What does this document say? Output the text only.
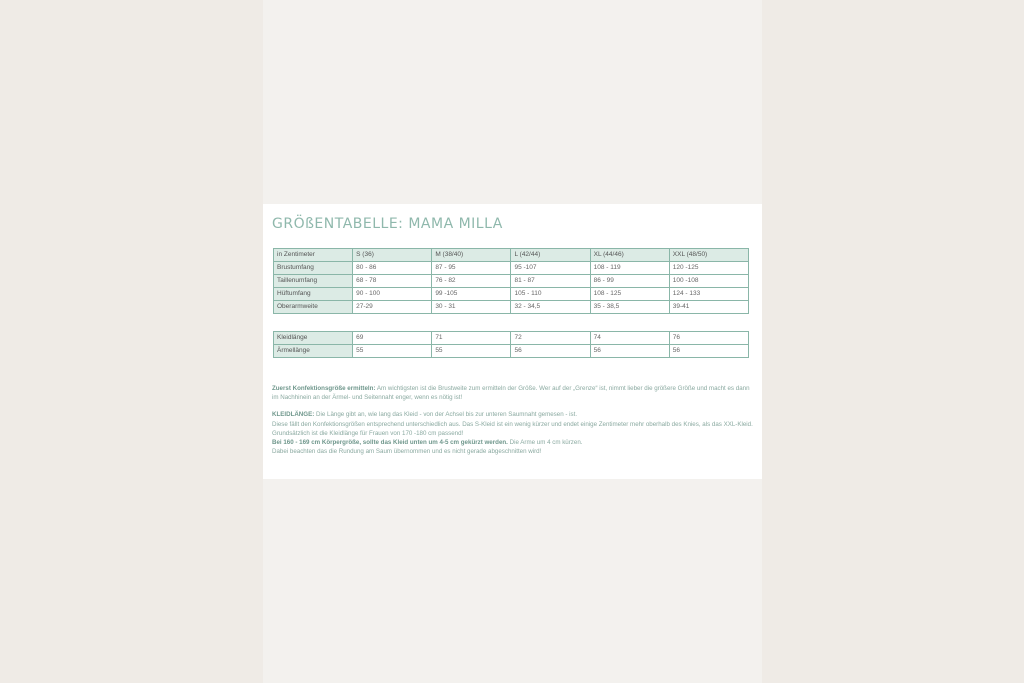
GRÖßENTABELLE: MAMA MILLA
in Zentimeter	S (36)	M (38/40)	L (42/44)	XL (44/46)	XXL (48/50)
Brustumfang	80 - 86	87 - 95	95 -107	108 - 119	120 -125
Taillenumfang	68 - 78	76 - 82	81 - 87	86 - 99	100 -108
Hüftumfang	90 - 100	99 -105	105 - 110	108 - 125	124 - 133
Oberarmweite	27-29	30 - 31	32 - 34,5	35 - 38,5	39-41
Kleidlänge	69	71	72	74	76
Ärmellänge	55	55	56	56	56

Zuerst Konfektionsgröße ermitteln: Am wichtigsten ist die Brustweite zum ermitteln der Größe. Wer auf der „Grenze“ ist, nimmt lieber die größere Größe und macht es dann im Nachhinein an der Ärmel- und Seitennaht enger, wenn es nötig ist!

KLEIDLÄNGE: Die Länge gibt an, wie lang das Kleid - von der Achsel bis zur unteren Saumnaht gemesen - ist.
Diese fällt den Konfektionsgrößen entsprechend unterschiedlich aus. Das S-Kleid ist ein wenig kürzer und endet einige Zentimeter mehr oberhalb des Knies, als das XXL-Kleid. Grundsätzlich ist die Kleidlänge für Frauen von 170 -180 cm passend!
Bei 160 - 169 cm Körpergröße, sollte das Kleid unten um 4-5 cm gekürzt werden. Die Arme um 4 cm kürzen.
Dabei beachten das die Rundung am Saum übernommen und es nicht gerade abgeschnitten wird!
